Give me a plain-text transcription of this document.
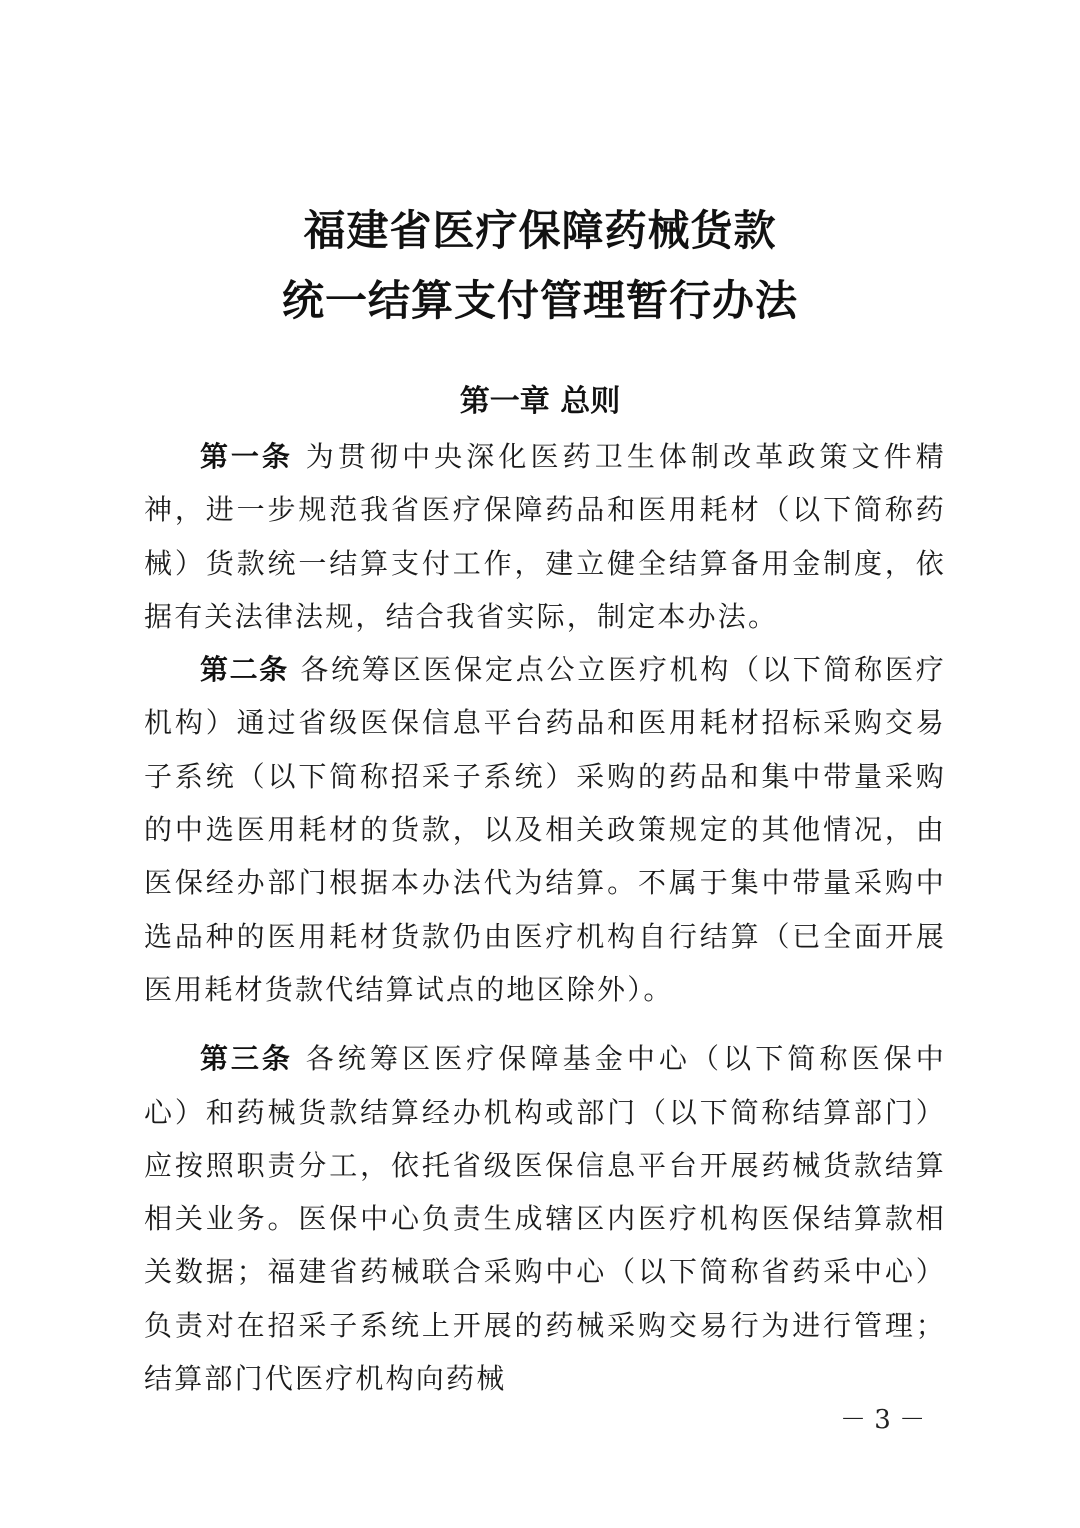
福建省医疗保障药械货款
统一结算支付管理暂行办法
第一章 总则

第一条 为贯彻中央深化医药卫生体制改革政策文件精神，进一步规范我省医疗保障药品和医用耗材（以下简称药械）货款统一结算支付工作，建立健全结算备用金制度，依据有关法律法规，结合我省实际，制定本办法。

第二条 各统筹区医保定点公立医疗机构（以下简称医疗机构）通过省级医保信息平台药品和医用耗材招标采购交易子系统（以下简称招采子系统）采购的药品和集中带量采购的中选医用耗材的货款，以及相关政策规定的其他情况，由医保经办部门根据本办法代为结算。不属于集中带量采购中选品种的医用耗材货款仍由医疗机构自行结算（已全面开展医用耗材货款代结算试点的地区除外）。

第三条 各统筹区医疗保障基金中心（以下简称医保中心）和药械货款结算经办机构或部门（以下简称结算部门）应按照职责分工，依托省级医保信息平台开展药械货款结算相关业务。医保中心负责生成辖区内医疗机构医保结算款相关数据；福建省药械联合采购中心（以下简称省药采中心）负责对在招采子系统上开展的药械采购交易行为进行管理；结算部门代医疗机构向药械

－ 3 －
